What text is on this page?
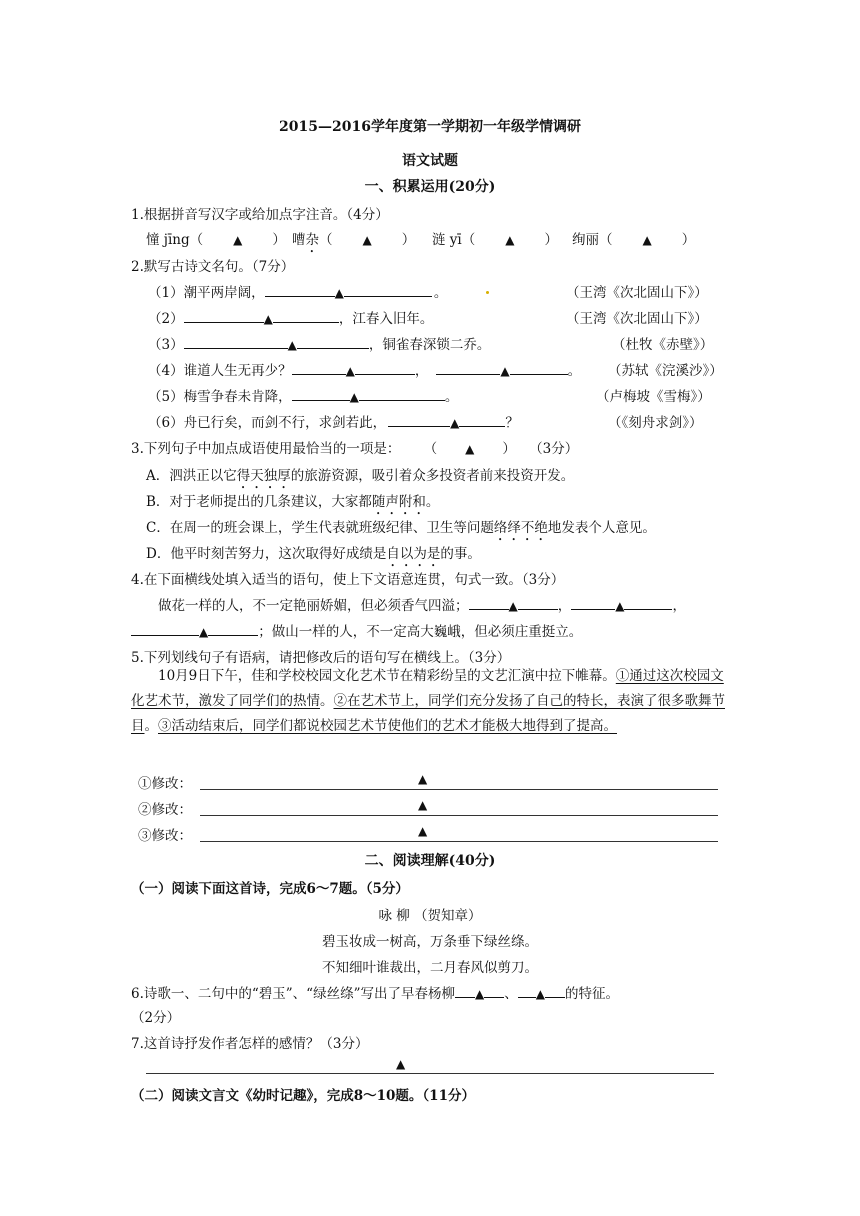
2015—2016学年度第一学期初一年级学情调研
语文试题
一、积累运用(20分)
1.根据拼音写汉字或给加点字注音。（4分）
憧 jīng（	▲ ） 嘈杂（	▲ ） 涟 yī（	▲ ） 绚丽（	▲ ）
2.默写古诗文名句。（7分）
（1）潮平两岸阔，	▲	。	（王湾《次北固山下》）
（2）	▲	，江春入旧年。	（王湾《次北固山下》）
（3）	▲	，铜雀春深锁二乔。	（杜牧《赤壁》）
（4）谁道人生无再少？	▲	，	▲	。 （苏轼《浣溪沙》）
（5）梅雪争春未肯降，	▲	。	（卢梅坡《雪梅》）
（6）舟已行矣，而剑不行，求剑若此，	▲	？	（《刻舟求剑》）
3.下列句子中加点成语使用最恰当的一项是： （ ▲ ） （3分）
A．泗洪正以它得天独厚的旅游资源，吸引着众多投资者前来投资开发。
B．对于老师提出的几条建议，大家都随声附和。
C．在周一的班会课上，学生代表就班级纪律、卫生等问题络绎不绝地发表个人意见。
D．他平时刻苦努力，这次取得好成绩是自以为是的事。
4.在下面横线处填入适当的语句，使上下文语意连贯，句式一致。（3分）
做花一样的人，不一定艳丽娇媚，但必须香气四溢；	▲	，	▲	，
▲	；做山一样的人，不一定高大巍峨，但必须庄重挺立。
5.下列划线句子有语病，请把修改后的语句写在横线上。（3分）
10月9日下午，佳和学校校园文化艺术节在精彩纷呈的文艺汇演中拉下帷幕。①通过这次校园文化艺术节，激发了同学们的热情。②在艺术节上，同学们充分发扬了自己的特长，表演了很多歌舞节目。③活动结束后，同学们都说校园艺术节使他们的艺术才能极大地得到了提高。
①修改：	▲
②修改：	▲
③修改：	▲
二、阅读理解(40分)
（一）阅读下面这首诗，完成6～7题。（5分）
咏 柳 （贺知章）
碧玉妆成一树高，万条垂下绿丝绦。
不知细叶谁裁出，二月春风似剪刀。
6.诗歌一、二句中的“碧玉”、“绿丝绦”写出了早春杨柳 ▲ 、 ▲ 的特征。
（2分）
7.这首诗抒发作者怎样的感情？（3分）
▲
（二）阅读文言文《幼时记趣》，完成8～10题。（11分）
